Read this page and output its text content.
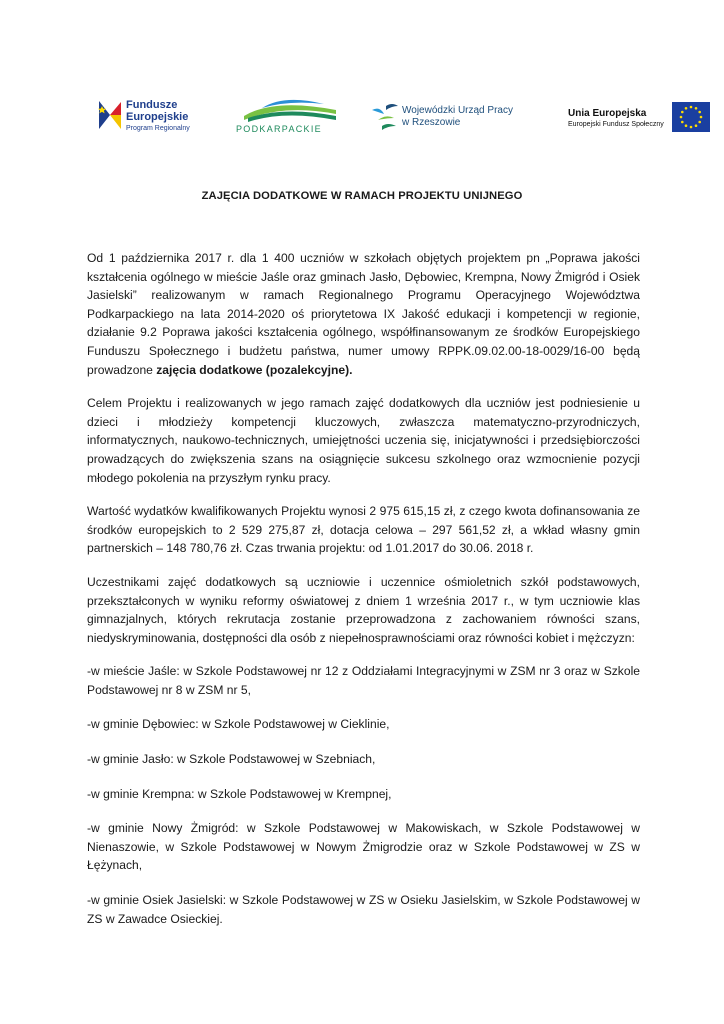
Fundusze
Europejskie
Program Regionalny	PODKARPACKIE
Wojewódzki Urząd Pracy
w Rzeszowie
Unia Europejska
Europejski Fundusz Społeczny
ZAJĘCIA DODATKOWE W RAMACH PROJEKTU UNIJNEGO

Od 1 października 2017 r. dla 1 400 uczniów w szkołach objętych projektem pn „Poprawa jakości kształcenia ogólnego w mieście Jaśle oraz gminach Jasło, Dębowiec, Krempna, Nowy Żmigród i Osiek Jasielski” realizowanym w ramach Regionalnego Programu Operacyjnego Województwa Podkarpackiego na lata 2014-2020 oś priorytetowa IX Jakość edukacji i kompetencji w regionie, działanie 9.2 Poprawa jakości kształcenia ogólnego, współfinansowanym ze środków Europejskiego Funduszu Społecznego i budżetu państwa, numer umowy RPPK.09.02.00-18-0029/16-00 będą prowadzone zajęcia dodatkowe (pozalekcyjne).

Celem Projektu i realizowanych w jego ramach zajęć dodatkowych dla uczniów jest podniesienie u dzieci i młodzieży kompetencji kluczowych, zwłaszcza matematyczno-przyrodniczych, informatycznych, naukowo-technicznych, umiejętności uczenia się, inicjatywności i przedsiębiorczości prowadzących do zwiększenia szans na osiągnięcie sukcesu szkolnego oraz wzmocnienie pozycji młodego pokolenia na przyszłym rynku pracy.

Wartość wydatków kwalifikowanych Projektu wynosi 2 975 615,15 zł, z czego kwota dofinansowania ze środków europejskich to 2 529 275,87 zł, dotacja celowa – 297 561,52 zł, a wkład własny gmin partnerskich – 148 780,76 zł. Czas trwania projektu: od 1.01.2017 do 30.06. 2018 r.

Uczestnikami zajęć dodatkowych są uczniowie i uczennice ośmioletnich szkół podstawowych, przekształconych w wyniku reformy oświatowej z dniem 1 września 2017 r., w tym uczniowie klas gimnazjalnych, których rekrutacja zostanie przeprowadzona z zachowaniem równości szans, niedyskryminowania, dostępności dla osób z niepełnosprawnościami oraz równości kobiet i mężczyzn:

-w mieście Jaśle: w Szkole Podstawowej nr 12 z Oddziałami Integracyjnymi w ZSM nr 3 oraz w Szkole Podstawowej nr 8 w ZSM nr 5,

-w gminie Dębowiec: w Szkole Podstawowej w Cieklinie,

-w gminie Jasło: w Szkole Podstawowej w Szebniach,

-w gminie Krempna: w Szkole Podstawowej w Krempnej,

-w gminie Nowy Żmigród: w Szkole Podstawowej w Makowiskach, w Szkole Podstawowej w Nienaszowie, w Szkole Podstawowej w Nowym Żmigrodzie oraz w Szkole Podstawowej w ZS w Łężynach,

-w gminie Osiek Jasielski: w Szkole Podstawowej w ZS w Osieku Jasielskim, w Szkole Podstawowej w ZS w Zawadce Osieckiej.
